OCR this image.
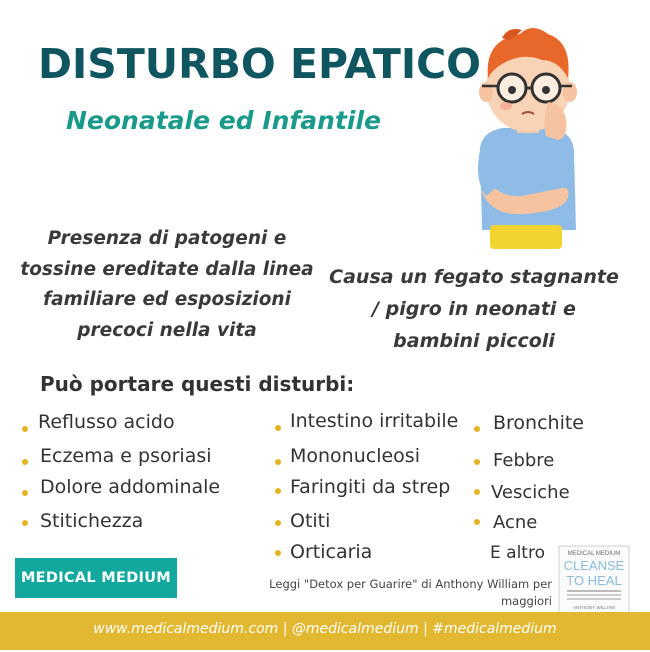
DISTURBO EPATICO
Neonatale ed Infantile
Presenza di patogeni e
tossine ereditate dalla linea
familiare ed esposizioni
precoci nella vita
Causa un fegato stagnante
/ pigro in neonati e
bambini piccoli
Può portare questi disturbi:
Reflusso acido
Eczema e psoriasi
Dolore addominale
Stitichezza
Intestino irritabile
Mononucleosi
Faringiti da strep
Otiti
Orticaria
Bronchite
Febbre
Vesciche
Acne
E altro
MEDICAL MEDIUM	Leggi "Detox per Guarire" di Anthony William per maggiori
MEDICAL MEDIUM
CLEANSE
TO HEAL
ANTHONY WILLIAM
www.medicalmedium.com | @medicalmedium | #medicalmedium
